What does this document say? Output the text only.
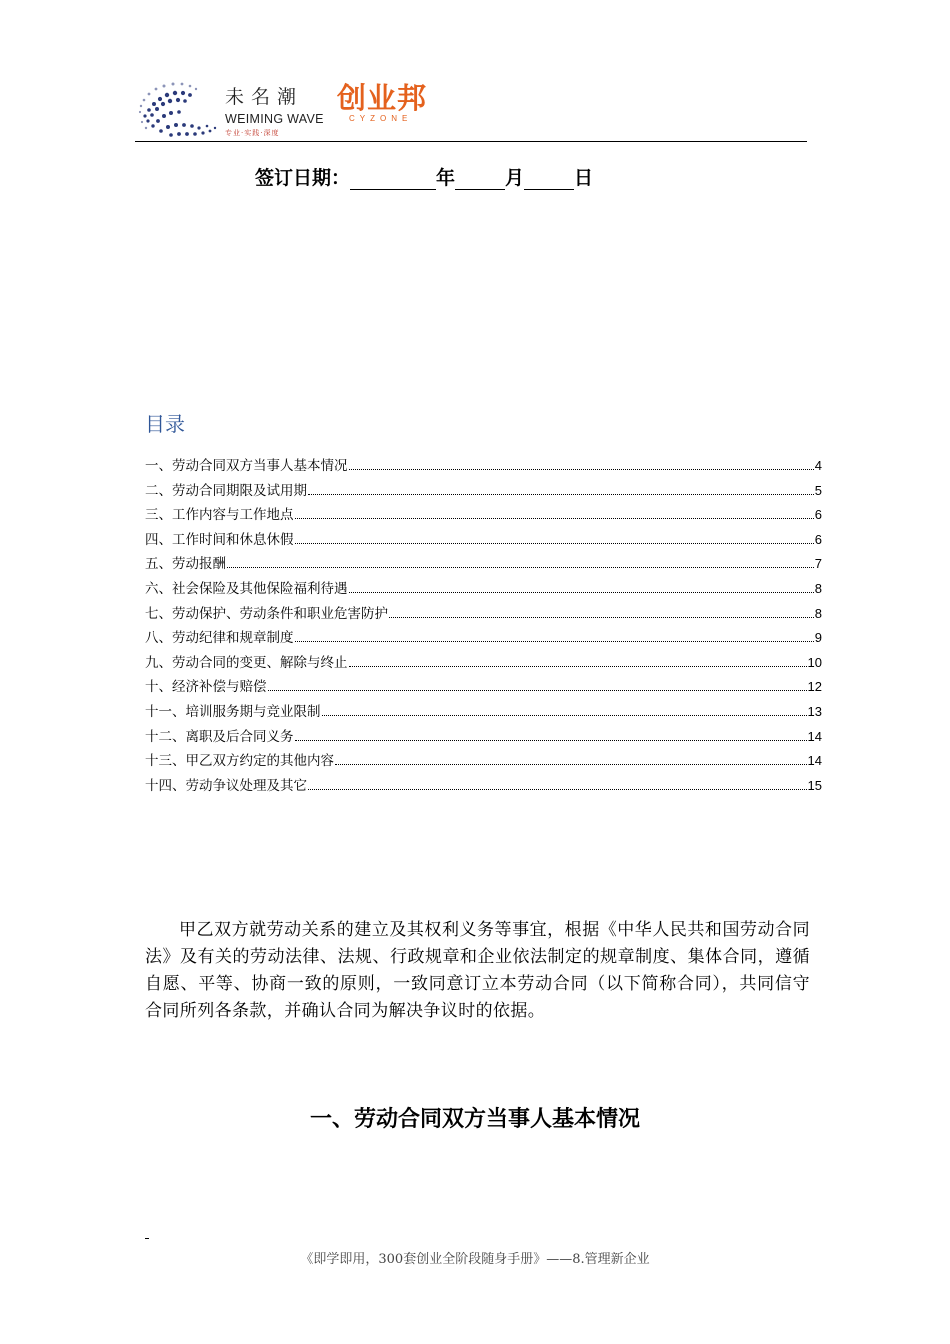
未名潮
WEIMING WAVE
专业·实践·深度
创业邦
CYZONE
签订日期：	年	月	日
目录
一、劳动合同双方当事人基本情况	4
二、劳动合同期限及试用期	5
三、工作内容与工作地点	6
四、工作时间和休息休假	6
五、劳动报酬	7
六、社会保险及其他保险福利待遇	8
七、劳动保护、劳动条件和职业危害防护	8
八、劳动纪律和规章制度	9
九、劳动合同的变更、解除与终止	10
十、经济补偿与赔偿	12
十一、培训服务期与竞业限制	13
十二、离职及后合同义务	14
十三、甲乙双方约定的其他内容	14
十四、劳动争议处理及其它	15

甲乙双方就劳动关系的建立及其权利义务等事宜，根据《中华人民共和国劳动合同法》及有关的劳动法律、法规、行政规章和企业依法制定的规章制度、集体合同，遵循自愿、平等、协商一致的原则，一致同意订立本劳动合同（以下简称合同），共同信守合同所列各条款，并确认合同为解决争议时的依据。

一、劳动合同双方当事人基本情况
《即学即用，300套创业全阶段随身手册》——8.管理新企业
